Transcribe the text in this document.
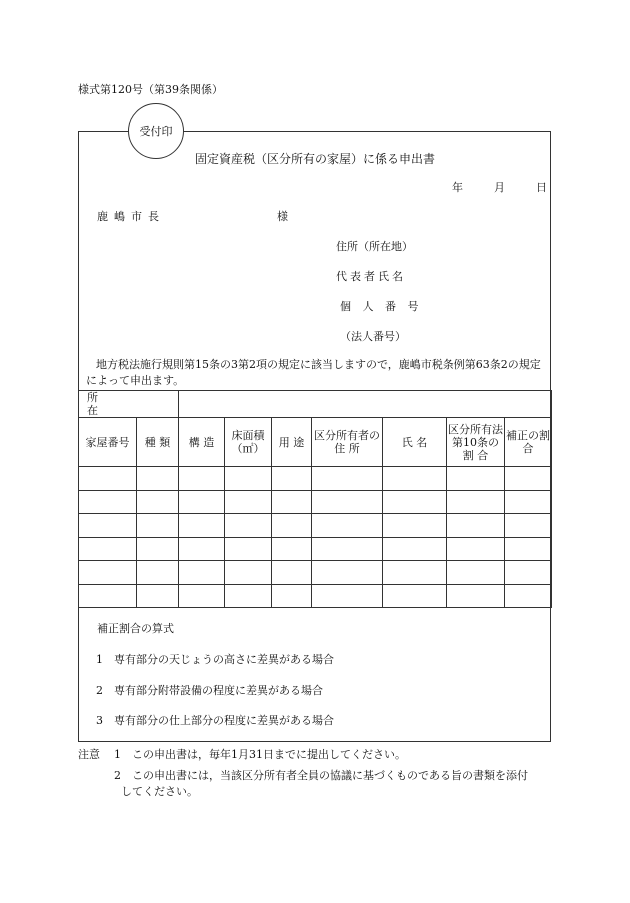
様式第120号（第39条関係）
受付印
固定資産税（区分所有の家屋）に係る申出書
年	月	日
鹿嶋市長	様
住所（所在地）
代表者氏名
個 人 番 号
（法人番号）
地方税法施行規則第15条の3第2項の規定に該当しますので，鹿嶋市税条例第63条2の規定によって申出ます。
所在								
家屋番号	種 類	構 造	床面積（㎡）	用 途	区分所有者の 住 所	氏 名	区分所有法第10条の 割 合	補正の割 合

補正割合の算式
1　専有部分の天じょうの高さに差異がある場合
2　専有部分附帯設備の程度に差異がある場合
3　専有部分の仕上部分の程度に差異がある場合
注意 1　この申出書は，毎年1月31日までに提出してください。
2　この申出書には，当該区分所有者全員の協議に基づくものである旨の書類を添付
してください。
